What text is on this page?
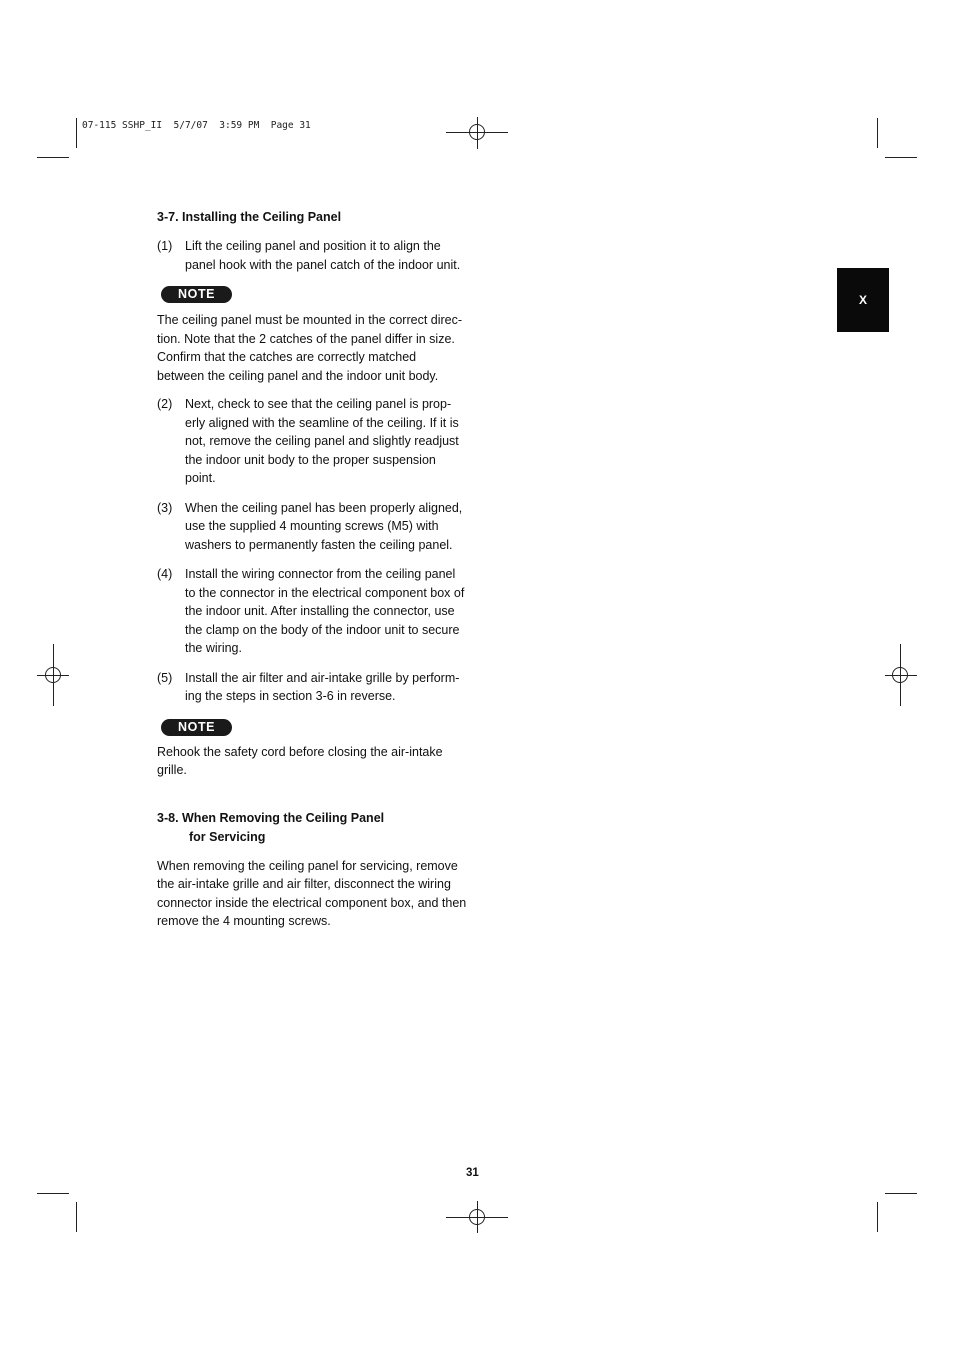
07-115 SSHP_II  5/7/07  3:59 PM  Page 31
X
3-7. Installing the Ceiling Panel
(1) Lift the ceiling panel and position it to align the
panel hook with the panel catch of the indoor unit.
NOTE
The ceiling panel must be mounted in the correct direc-
tion. Note that the 2 catches of the panel differ in size.
Confirm that the catches are correctly matched
between the ceiling panel and the indoor unit body.
(2) Next, check to see that the ceiling panel is prop-
erly aligned with the seamline of the ceiling. If it is
not, remove the ceiling panel and slightly readjust
the indoor unit body to the proper suspension
point.
(3) When the ceiling panel has been properly aligned,
use the supplied 4 mounting screws (M5) with
washers to permanently fasten the ceiling panel.
(4) Install the wiring connector from the ceiling panel
to the connector in the electrical component box of
the indoor unit. After installing the connector, use
the clamp on the body of the indoor unit to secure
the wiring.
(5) Install the air filter and air-intake grille by perform-
ing the steps in section 3-6 in reverse.
NOTE
Rehook the safety cord before closing the air-intake
grille.
3-8. When Removing the Ceiling Panel
for Servicing
When removing the ceiling panel for servicing, remove
the air-intake grille and air filter, disconnect the wiring
connector inside the electrical component box, and then
remove the 4 mounting screws.
31
